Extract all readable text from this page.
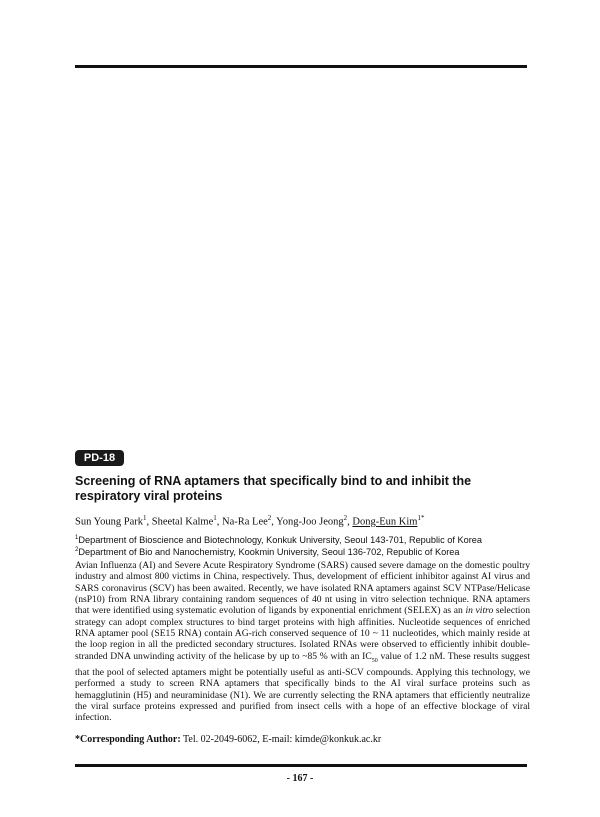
PD-18
Screening of RNA aptamers that specifically bind to and inhibit the respiratory viral proteins
Sun Young Park$^1$, Sheetal Kalme$^1$, Na-Ra Lee$^2$, Yong-Joo Jeong$^2$, Dong-Eun Kim$^{1*}$
$^1$Department of Bioscience and Biotechnology, Konkuk University, Seoul 143-701, Republic of Korea
$^2$Department of Bio and Nanochemistry, Kookmin University, Seoul 136-702, Republic of Korea

Avian Influenza (AI) and Severe Acute Respiratory Syndrome (SARS) caused severe damage on the domestic poultry industry and almost 800 victims in China, respectively. Thus, development of efficient inhibitor against AI virus and SARS coronavirus (SCV) has been awaited. Recently, we have isolated RNA aptamers against SCV NTPase/Helicase (nsP10) from RNA library containing random sequences of 40 nt using in vitro selection technique. RNA aptamers that were identified using systematic evolution of ligands by exponential enrichment (SELEX) as an in vitro selection strategy can adopt complex structures to bind target proteins with high affinities. Nucleotide sequences of enriched RNA aptamer pool (SE15 RNA) contain AG-rich conserved sequence of 10 ~ 11 nucleotides, which mainly reside at the loop region in all the predicted secondary structures. Isolated RNAs were observed to efficiently inhibit double-stranded DNA unwinding activity of the helicase by up to ~85 % with an $IC_{50}$ value of 1.2 nM. These results suggest that the pool of selected aptamers might be potentially useful as anti-SCV compounds. Applying this technology, we performed a study to screen RNA aptamers that specifically binds to the AI viral surface proteins such as hemagglutinin (H5) and neuraminidase (N1). We are currently selecting the RNA aptamers that efficiently neutralize the viral surface proteins expressed and purified from insect cells with a hope of an effective blockage of viral infection.

*Corresponding Author: Tel. 02-2049-6062, E-mail: kimde@konkuk.ac.kr
- 167 -
